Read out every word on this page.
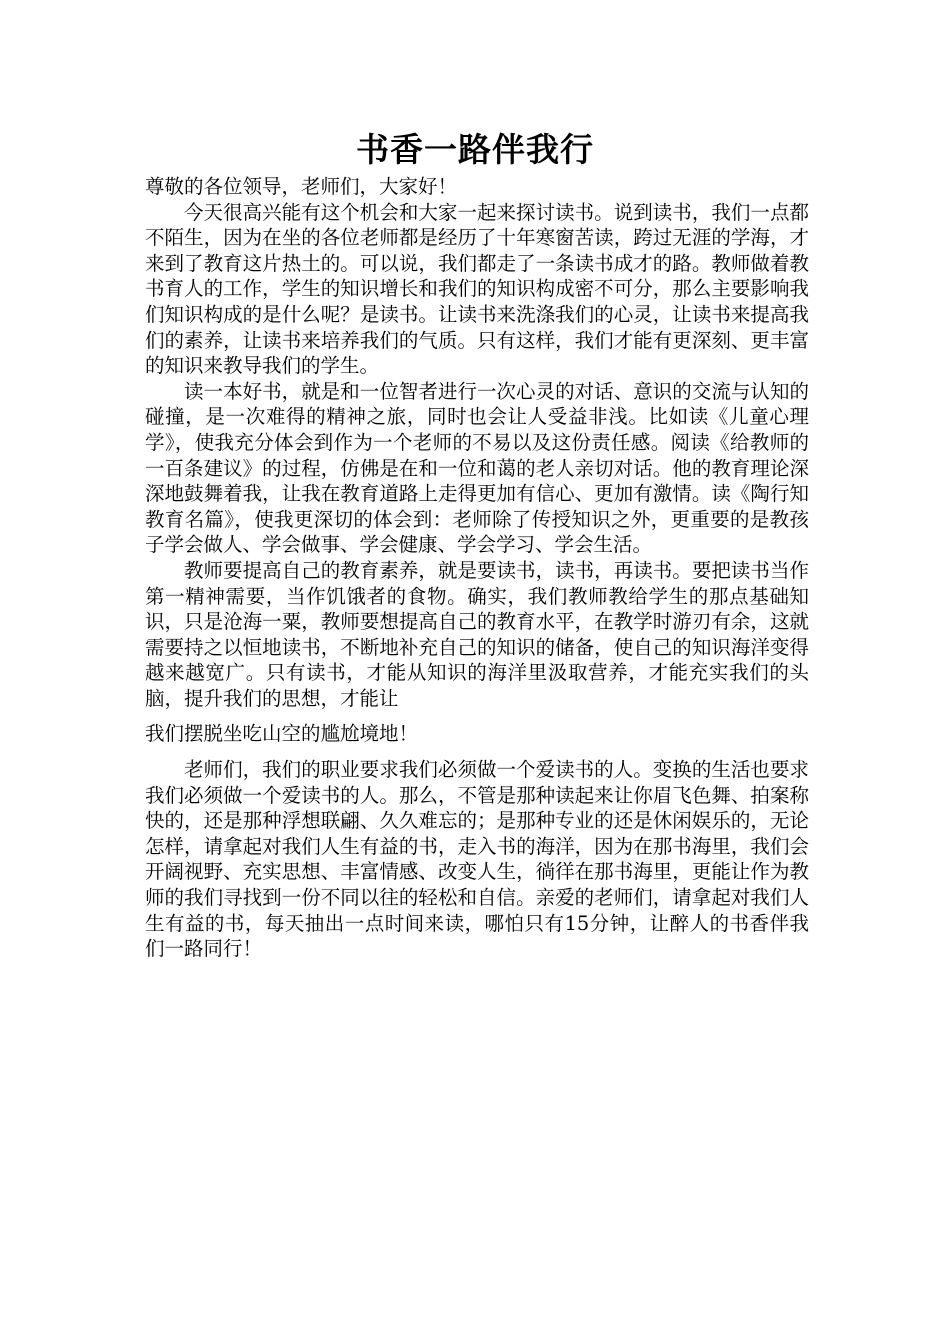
书香一路伴我行

尊敬的各位领导，老师们，大家好！

今天很高兴能有这个机会和大家一起来探讨读书。说到读书，我们一点都不陌生，因为在坐的各位老师都是经历了十年寒窗苦读，跨过无涯的学海，才来到了教育这片热土的。可以说，我们都走了一条读书成才的路。教师做着教书育人的工作，学生的知识增长和我们的知识构成密不可分，那么主要影响我们知识构成的是什么呢？是读书。让读书来洗涤我们的心灵，让读书来提高我们的素养，让读书来培养我们的气质。只有这样，我们才能有更深刻、更丰富的知识来教导我们的学生。

读一本好书，就是和一位智者进行一次心灵的对话、意识的交流与认知的碰撞，是一次难得的精神之旅，同时也会让人受益非浅。比如读《儿童心理学》，使我充分体会到作为一个老师的不易以及这份责任感。阅读《给教师的一百条建议》的过程，仿佛是在和一位和蔼的老人亲切对话。他的教育理论深深地鼓舞着我，让我在教育道路上走得更加有信心、更加有激情。读《陶行知教育名篇》，使我更深切的体会到：老师除了传授知识之外，更重要的是教孩子学会做人、学会做事、学会健康、学会学习、学会生活。

教师要提高自己的教育素养，就是要读书，读书，再读书。要把读书当作第一精神需要，当作饥饿者的食物。确实，我们教师教给学生的那点基础知识，只是沧海一粟，教师要想提高自己的教育水平，在教学时游刃有余，这就需要持之以恒地读书，不断地补充自己的知识的储备，使自己的知识海洋变得越来越宽广。只有读书，才能从知识的海洋里汲取营养，才能充实我们的头脑，提升我们的思想，才能让

我们摆脱坐吃山空的尴尬境地！

老师们，我们的职业要求我们必须做一个爱读书的人。变换的生活也要求我们必须做一个爱读书的人。那么，不管是那种读起来让你眉飞色舞、拍案称快的，还是那种浮想联翩、久久难忘的；是那种专业的还是休闲娱乐的，无论怎样，请拿起对我们人生有益的书，走入书的海洋，因为在那书海里，我们会开阔视野、充实思想、丰富情感、改变人生，徜徉在那书海里，更能让作为教师的我们寻找到一份不同以往的轻松和自信。亲爱的老师们，请拿起对我们人生有益的书，每天抽出一点时间来读，哪怕只有15分钟，让醉人的书香伴我们一路同行！
